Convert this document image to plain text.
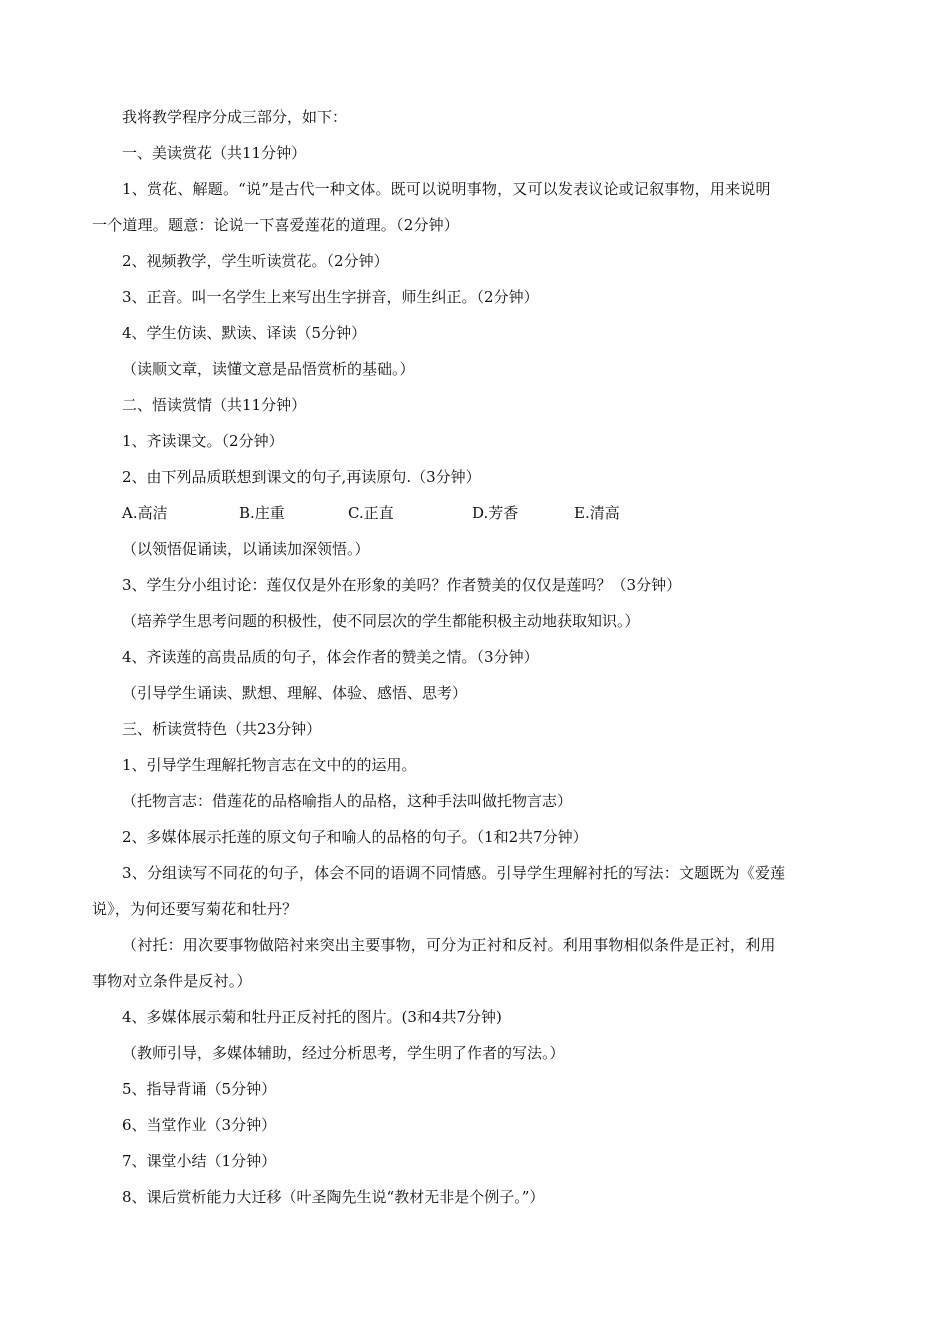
我将教学程序分成三部分，如下：

一、美读赏花（共11分钟）

1、赏花、解题。“说”是古代一种文体。既可以说明事物，又可以发表议论或记叙事物，用来说明
一个道理。题意：论说一下喜爱莲花的道理。（2分钟）

2、视频教学，学生听读赏花。（2分钟）

3、正音。叫一名学生上来写出生字拼音，师生纠正。（2分钟）

4、学生仿读、默读、译读（5分钟）

（读顺文章，读懂文意是品悟赏析的基础。）

二、悟读赏情（共11分钟）

1、齐读课文。（2分钟）

2、由下列品质联想到课文的句子,再读原句.（3分钟）

A.高洁	B.庄重	C.正直	D.芳香	E.清高

（以领悟促诵读，以诵读加深领悟。）

3、学生分小组讨论：莲仅仅是外在形象的美吗？作者赞美的仅仅是莲吗？（3分钟）

（培养学生思考问题的积极性，使不同层次的学生都能积极主动地获取知识。）

4、齐读莲的高贵品质的句子，体会作者的赞美之情。（3分钟）

（引导学生诵读、默想、理解、体验、感悟、思考）

三、析读赏特色（共23分钟）

1、引导学生理解托物言志在文中的的运用。

（托物言志：借莲花的品格喻指人的品格，这种手法叫做托物言志）

2、多媒体展示托莲的原文句子和喻人的品格的句子。（1和2共7分钟）

3、分组读写不同花的句子，体会不同的语调不同情感。引导学生理解衬托的写法：文题既为《爱莲
说》，为何还要写菊花和牡丹？

（衬托：用次要事物做陪衬来突出主要事物，可分为正衬和反衬。利用事物相似条件是正衬，利用
事物对立条件是反衬。）

4、多媒体展示菊和牡丹正反衬托的图片。(3和4共7分钟)

（教师引导，多媒体辅助，经过分析思考，学生明了作者的写法。）

5、指导背诵（5分钟）

6、当堂作业（3分钟）

7、课堂小结（1分钟）

8、课后赏析能力大迁移（叶圣陶先生说“教材无非是个例子。”）
